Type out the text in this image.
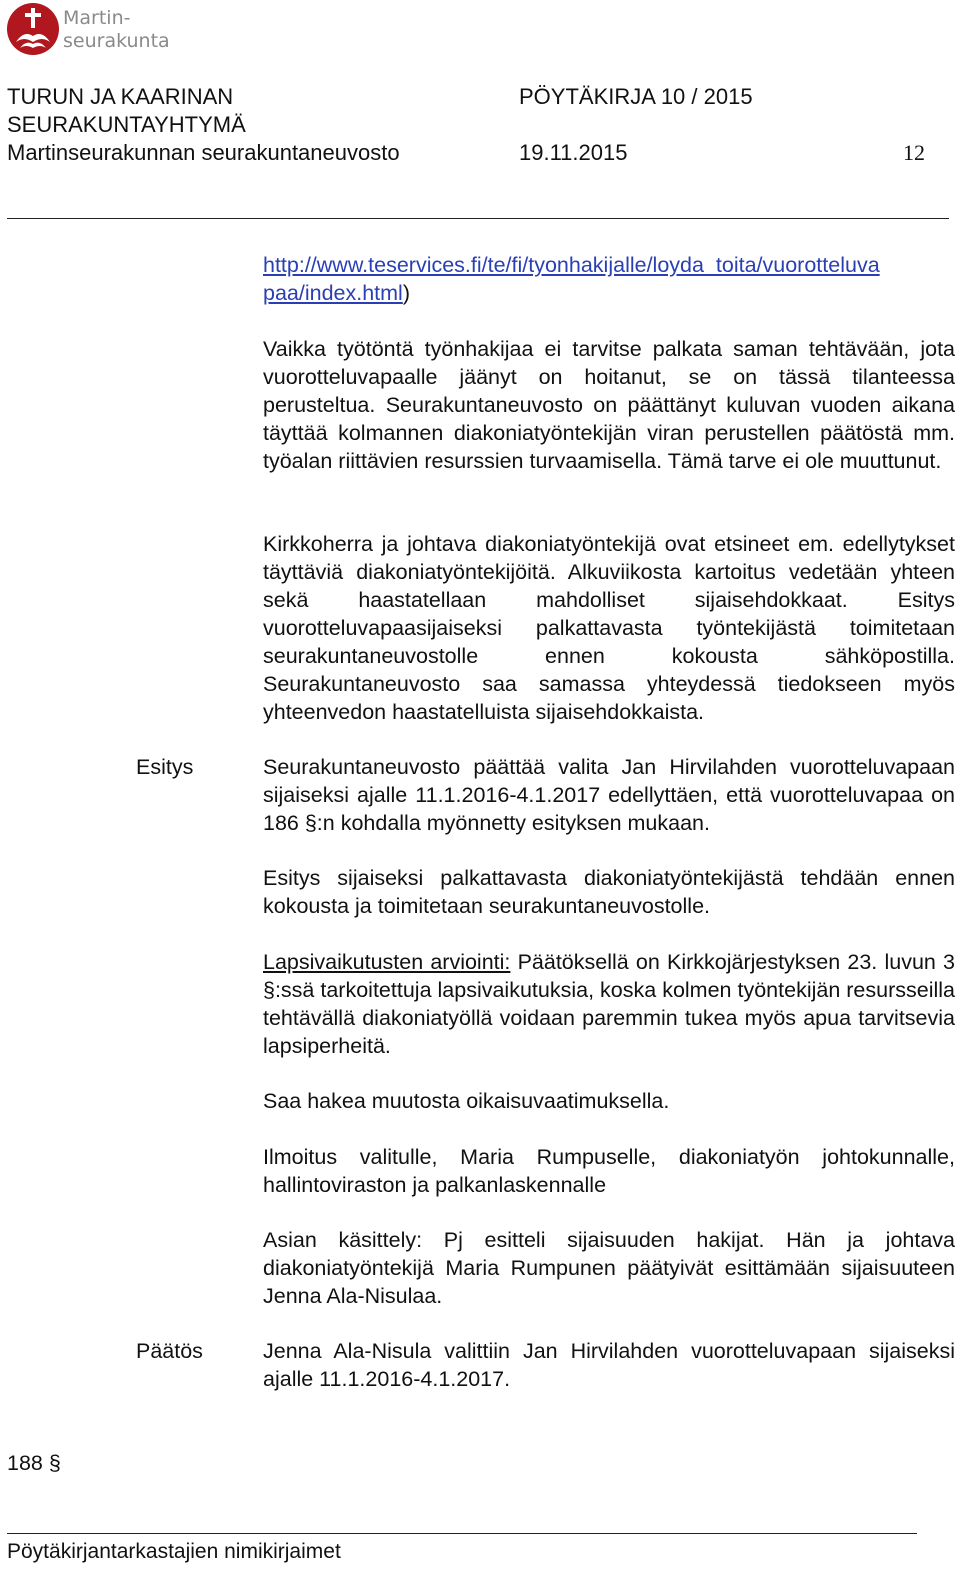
Martin-
seurakunta
TURUN JA KAARINAN
SEURAKUNTAYHTYMÄ
Martinseurakunnan seurakuntaneuvosto
PÖYTÄKIRJA 10 / 2015
19.11.2015	12
http://www.teservices.fi/te/fi/tyonhakijalle/loyda_toita/vuorotteluva
paa/index.html)
Vaikka työtöntä työnhakijaa ei tarvitse palkata saman tehtävään, jota vuorotteluvapaalle jäänyt on hoitanut, se on tässä tilanteessa perusteltua. Seurakuntaneuvosto on päättänyt kuluvan vuoden aikana täyttää kolmannen diakoniatyöntekijän viran perustellen päätöstä mm. työalan riittävien resurssien turvaamisella. Tämä tarve ei ole muuttunut.
Kirkkoherra ja johtava diakoniatyöntekijä ovat etsineet em. edellytykset täyttäviä diakoniatyöntekijöitä. Alkuviikosta kartoitus vedetään yhteen sekä haastatellaan mahdolliset sijaisehdokkaat. Esitys vuorotteluvapaasijaiseksi palkattavasta työntekijästä toimitetaan seurakuntaneuvostolle ennen kokousta sähköpostilla. Seurakuntaneuvosto saa samassa yhteydessä tiedokseen myös yhteenvedon haastatelluista sijaisehdokkaista.
Esitys	Seurakuntaneuvosto päättää valita Jan Hirvilahden vuorotteluvapaan sijaiseksi ajalle 11.1.2016-4.1.2017 edellyttäen, että vuorotteluvapaa on 186 §:n kohdalla myönnetty esityksen mukaan.
Esitys sijaiseksi palkattavasta diakoniatyöntekijästä tehdään ennen kokousta ja toimitetaan seurakuntaneuvostolle.
Lapsivaikutusten arviointi: Päätöksellä on Kirkkojärjestyksen 23. luvun 3 §:ssä tarkoitettuja lapsivaikutuksia, koska kolmen työntekijän resursseilla tehtävällä diakoniatyöllä voidaan paremmin tukea myös apua tarvitsevia lapsiperheitä.
Saa hakea muutosta oikaisuvaatimuksella.
Ilmoitus valitulle, Maria Rumpuselle, diakoniatyön johtokunnalle, hallintoviraston ja palkanlaskennalle
Asian käsittely: Pj esitteli sijaisuuden hakijat. Hän ja johtava diakoniatyöntekijä Maria Rumpunen päätyivät esittämään sijaisuuteen Jenna Ala-Nisulaa.
Päätös	Jenna Ala-Nisula valittiin Jan Hirvilahden vuorotteluvapaan sijaiseksi ajalle 11.1.2016-4.1.2017.
188 §
Pöytäkirjantarkastajien nimikirjaimet
